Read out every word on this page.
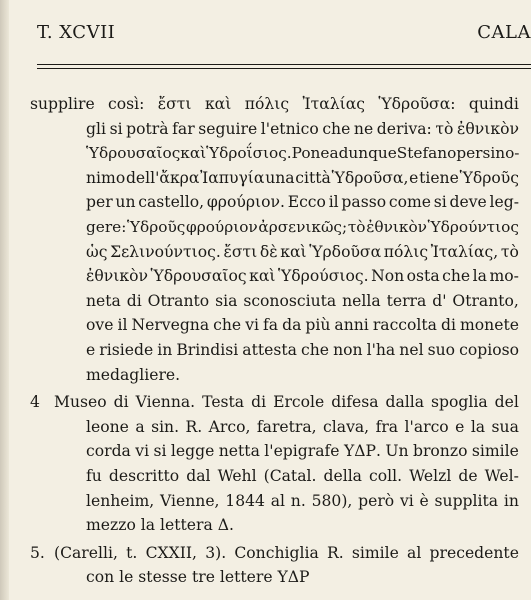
T. XCVII	CALA
supplire così: ἔστι καὶ πόλις Ἰταλίας Ὑδροῦσα: quindi
gli si potrà far seguire l'etnico che ne deriva: τὸ ἐθνικὸν
Ὑδρουσαῖος καὶ Ὑδροΐσιος. Pone adunque Stefano per sino-
nimo dell'ἄκρα Ἰαπυγία una città Ὑδροῦσα, e tiene Ὑδροῦς
per un castello, φρούριον. Ecco il passo come si deve leg-
gere: Ὑδροῦς φρούριον ἀρσενικῶς; τὸ ἐθνικὸν Ὑδρούντιος
ὡς Σελινούντιος. ἔστι δὲ καὶ Ὑρδοῦσα πόλις Ἰταλίας, τὸ
ἐθνικὸν Ὑδρουσαῖος καὶ Ὑδρούσιος. Non osta che la mo-
neta di Otranto sia sconosciuta nella terra d' Otranto,
ove il Nervegna che vi fa da più anni raccolta di monete
e risiede in Brindisi attesta che non l'ha nel suo copioso
medagliere.
4 Museo di Vienna. Testa di Ercole difesa dalla spoglia del
leone a sin. R. Arco, faretra, clava, fra l'arco e la sua
corda vi si legge netta l'epigrafe ΥΔΡ. Un bronzo simile
fu descritto dal Wehl (Catal. della coll. Welzl de Wel-
lenheim, Vienne, 1844 al n. 580), però vi è supplita in
mezzo la lettera Δ.
5. (Carelli, t. CXXII, 3). Conchiglia R. simile al precedente
con le stesse tre lettere ΥΔΡ
